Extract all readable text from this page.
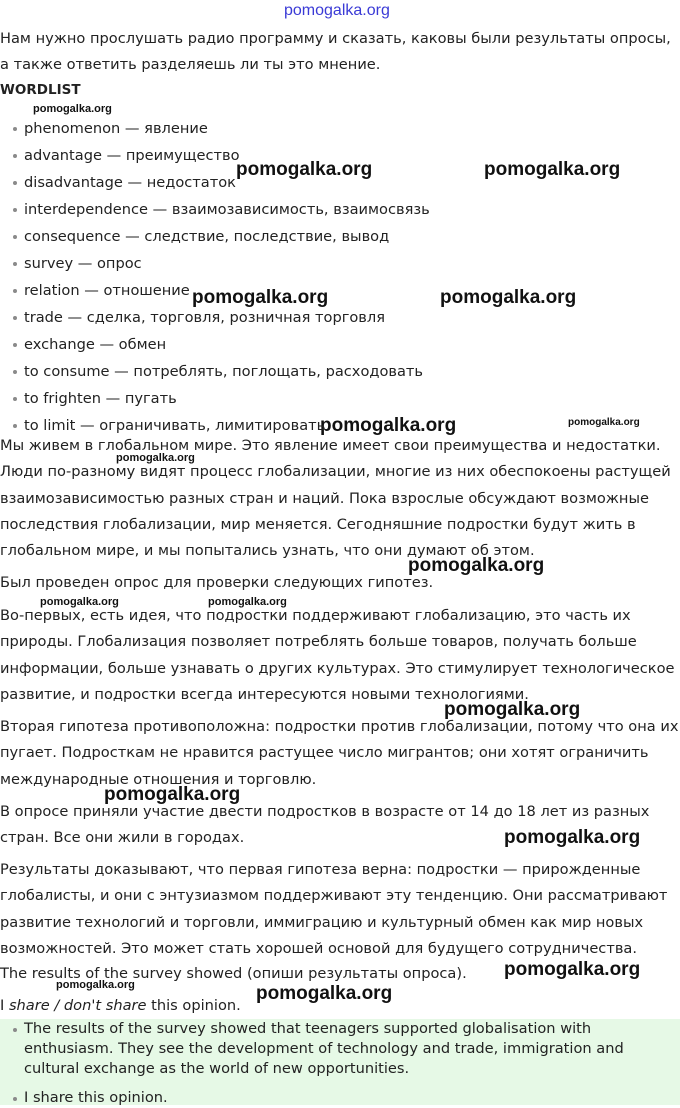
pomogalka.org
pomogalka.org
pomogalka.org	pomogalka.org
pomogalka.org	pomogalka.org
pomogalka.org	pomogalka.org
pomogalka.org
pomogalka.org
pomogalka.org	pomogalka.org
pomogalka.org
pomogalka.org
pomogalka.org
pomogalka.org
pomogalka.org	pomogalka.org

Нам нужно прослушать радио программу и сказать, каковы были результаты опросы, а также ответить разделяешь ли ты это мнение.

WORDLIST

phenomenon — явление
advantage — преимущество
disadvantage — недостаток
interdependence — взаимозависимость, взаимосвязь
consequence — следствие, последствие, вывод
survey — опрос
relation — отношение
trade — сделка, торговля, розничная торговля
exchange — обмен
to consume — потреблять, поглощать, расходовать
to frighten — пугать
to limit — ограничивать, лимитировать

Мы живем в глобальном мире. Это явление имеет свои преимущества и недостатки. Люди по-разному видят процесс глобализации, многие из них обеспокоены растущей взаимозависимостью разных стран и наций. Пока взрослые обсуждают возможные последствия глобализации, мир меняется. Сегодняшние подростки будут жить в глобальном мире, и мы попытались узнать, что они думают об этом.

Был проведен опрос для проверки следующих гипотез.

Во-первых, есть идея, что подростки поддерживают глобализацию, это часть их природы. Глобализация позволяет потреблять больше товаров, получать больше информации, больше узнавать о других культурах. Это стимулирует технологическое развитие, и подростки всегда интересуются новыми технологиями.

Вторая гипотеза противоположна: подростки против глобализации, потому что она их пугает. Подросткам не нравится растущее число мигрантов; они хотят ограничить международные отношения и торговлю.

В опросе приняли участие двести подростков в возрасте от 14 до 18 лет из разных стран. Все они жили в городах.

Результаты доказывают, что первая гипотеза верна: подростки — прирожденные глобалисты, и они с энтузиазмом поддерживают эту тенденцию. Они рассматривают развитие технологий и торговли, иммиграцию и культурный обмен как мир новых возможностей. Это может стать хорошей основой для будущего сотрудничества.

The results of the survey showed (опиши результаты опроса).

I share / don't share this opinion.

The results of the survey showed that teenagers supported globalisation with enthusiasm. They see the development of technology and trade, immigration and cultural exchange as the world of new opportunities.
I share this opinion.
